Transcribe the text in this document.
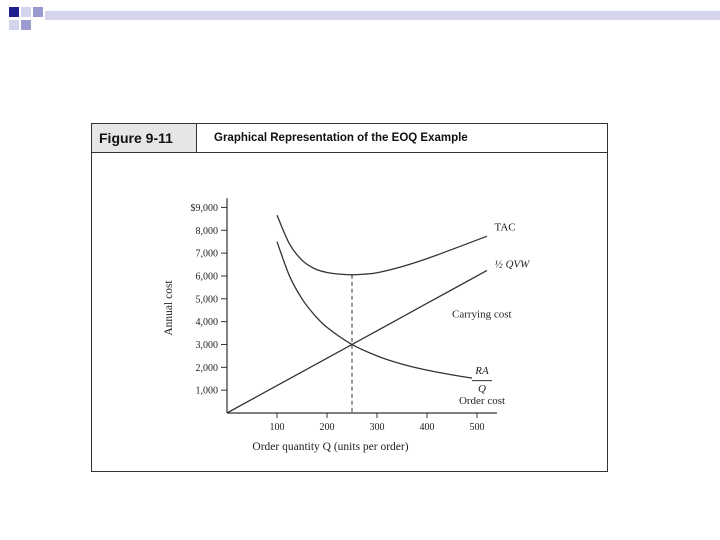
Figure 9-11	Graphical Representation of the EOQ Example
1,000
2,000
3,000
4,000
5,000
6,000
7,000
8,000
$9,000
100	200	300	400	500
Order quantity Q (units per order)
Annual cost
TAC
½ QVW
Carrying cost
RA
Q
Order cost
